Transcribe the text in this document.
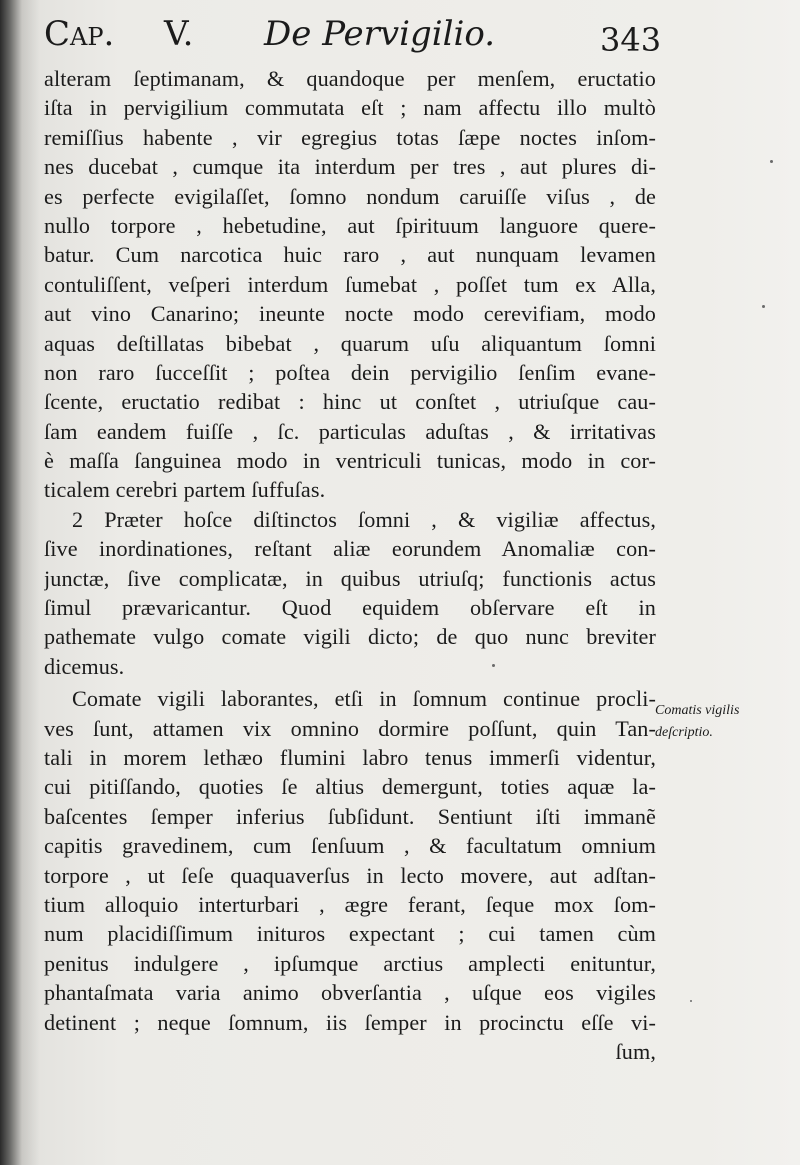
Cap. V. De Pervigilio.	343
alteram ſeptimanam, & quandoque per menſem, eructatio
iſta in pervigilium commutata eſt ; nam affectu illo multò
remiſſius habente , vir egregius totas ſæpe noctes inſom-
nes ducebat , cumque ita interdum per tres , aut plures di-
es perfecte evigilaſſet, ſomno nondum caruiſſe viſus , de
nullo torpore , hebetudine, aut ſpirituum languore quere-
batur. Cum narcotica huic raro , aut nunquam levamen
contuliſſent, veſperi interdum ſumebat , poſſet tum ex Alla,
aut vino Canarino; ineunte nocte modo cerevifiam, modo
aquas deſtillatas bibebat , quarum uſu aliquantum ſomni
non raro ſucceſſit ; poſtea dein pervigilio ſenſim evane-
ſcente, eructatio redibat : hinc ut conſtet , utriuſque cau-
ſam eandem fuiſſe , ſc. particulas aduſtas , & irritativas
è maſſa ſanguinea modo in ventriculi tunicas, modo in cor-
ticalem cerebri partem ſuffuſas.
2 Præter hoſce diſtinctos ſomni , & vigiliæ affectus,
ſive inordinationes, reſtant aliæ eorundem Anomaliæ con-
junctæ, ſive complicatæ, in quibus utriuſq; functionis actus
ſimul prævaricantur. Quod equidem obſervare eſt in
pathemate vulgo comate vigili dicto; de quo nunc breviter
dicemus.
Comate vigili laborantes, etſi in ſomnum continue procli-
ves ſunt, attamen vix omnino dormire poſſunt, quin Tan-
tali in morem lethæo flumini labro tenus immerſi videntur,
cui pitiſſando, quoties ſe altius demergunt, toties aquæ la-
baſcentes ſemper inferius ſubſidunt. Sentiunt iſti immanẽ
capitis gravedinem, cum ſenſuum , & facultatum omnium
torpore , ut ſeſe quaquaverſus in lecto movere, aut adſtan-
tium alloquio interturbari , ægre ferant, ſeque mox ſom-
num placidiſſimum inituros expectant ; cui tamen cùm
penitus indulgere , ipſumque arctius amplecti enituntur,
phantaſmata varia animo obverſantia , uſque eos vigiles
detinent ; neque ſomnum, iis ſemper in procinctu eſſe vi-
ſum,
Comatis vigilis
deſcriptio.
